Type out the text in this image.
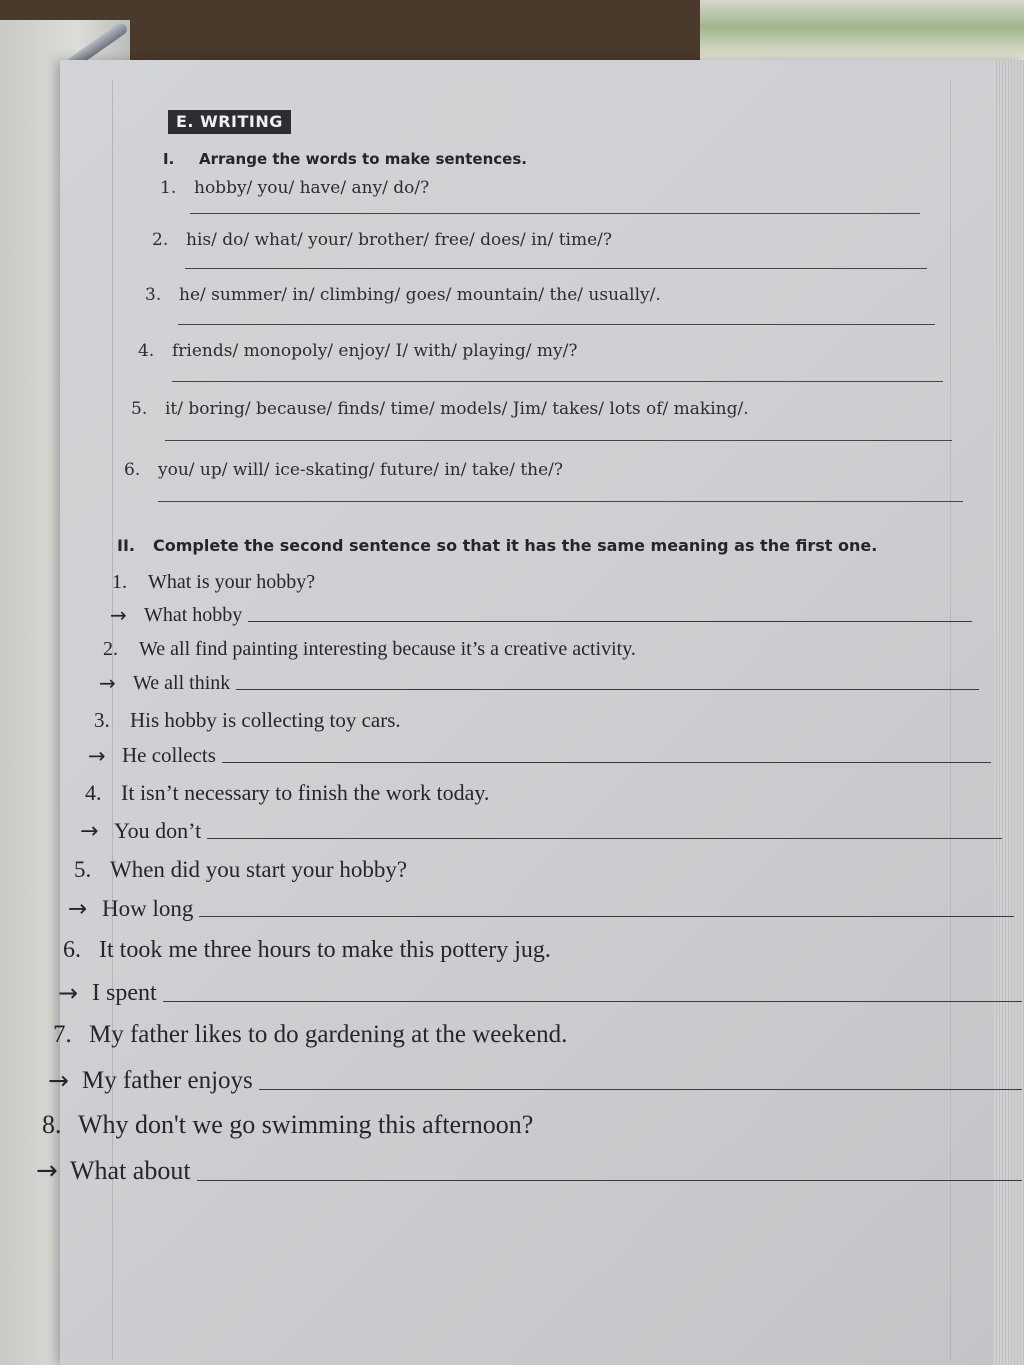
E. WRITING
I. Arrange the words to make sentences.
1. hobby/ you/ have/ any/ do/?
2. his/ do/ what/ your/ brother/ free/ does/ in/ time/?
3. he/ summer/ in/ climbing/ goes/ mountain/ the/ usually/.
4. friends/ monopoly/ enjoy/ I/ with/ playing/ my/?
5. it/ boring/ because/ finds/ time/ models/ Jim/ takes/ lots of/ making/.
6. you/ up/ will/ ice-skating/ future/ in/ take/ the/?
II. Complete the second sentence so that it has the same meaning as the first one.
1. What is your hobby?
→ What hobby
2. We all find painting interesting because it’s a creative activity.
→ We all think
3. His hobby is collecting toy cars.
→ He collects
4. It isn’t necessary to finish the work today.
→ You don’t
5. When did you start your hobby?
→ How long
6. It took me three hours to make this pottery jug.
→ I spent
7. My father likes to do gardening at the weekend.
→ My father enjoys
8. Why don't we go swimming this afternoon?
→ What about
